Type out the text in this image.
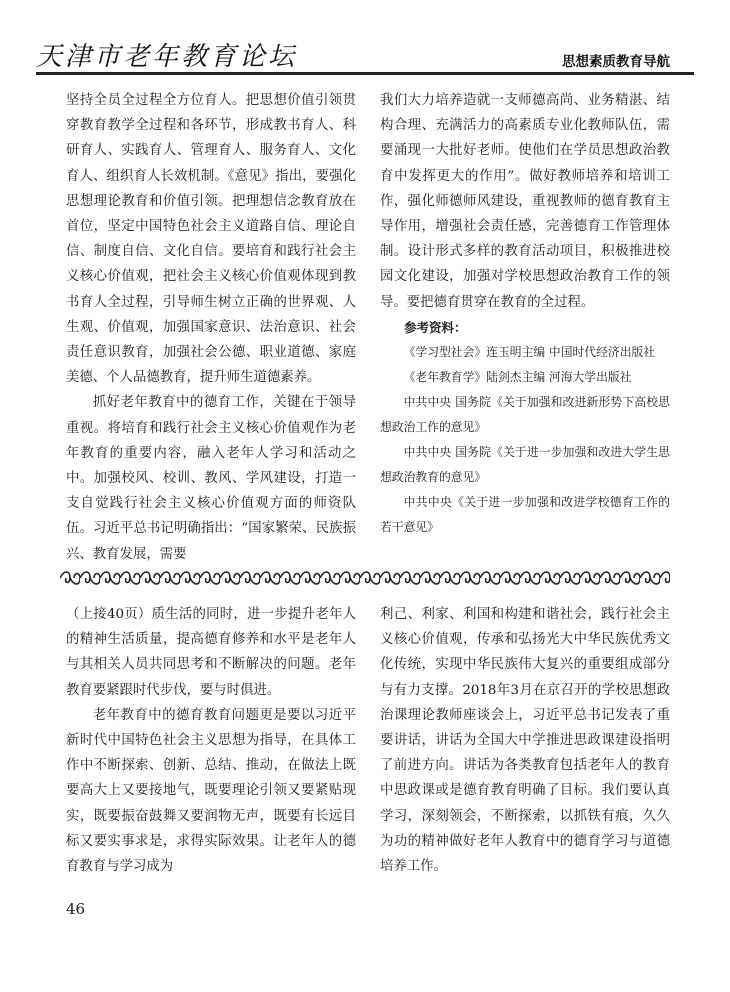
天津市老年教育论坛	思想素质教育导航

坚持全员全过程全方位育人。把思想价值引领贯穿教育教学全过程和各环节，形成教书育人、科研育人、实践育人、管理育人、服务育人、文化育人、组织育人长效机制。《意见》指出，要强化思想理论教育和价值引领。把理想信念教育放在首位，坚定中国特色社会主义道路自信、理论自信、制度自信、文化自信。要培育和践行社会主义核心价值观，把社会主义核心价值观体现到教书育人全过程，引导师生树立正确的世界观、人生观、价值观，加强国家意识、法治意识、社会责任意识教育，加强社会公德、职业道德、家庭美德、个人品德教育，提升师生道德素养。

抓好老年教育中的德育工作，关键在于领导重视。将培育和践行社会主义核心价值观作为老年教育的重要内容，融入老年人学习和活动之中。加强校风、校训、教风、学风建设，打造一支自觉践行社会主义核心价值观方面的师资队伍。习近平总书记明确指出：“国家繁荣、民族振兴、教育发展，需要

我们大力培养造就一支师德高尚、业务精湛、结构合理、充满活力的高素质专业化教师队伍，需要涌现一大批好老师。使他们在学员思想政治教育中发挥更大的作用”。做好教师培养和培训工作，强化师德师风建设，重视教师的德育教育主导作用，增强社会责任感，完善德育工作管理体制。设计形式多样的教育活动项目，积极推进校园文化建设，加强对学校思想政治教育工作的领导。要把德育贯穿在教育的全过程。

参考资料：

《学习型社会》连玉明主编 中国时代经济出版社

《老年教育学》陆剑杰主编 河海大学出版社

中共中央 国务院《关于加强和改进新形势下高校思想政治工作的意见》

中共中央 国务院《关于进一步加强和改进大学生思想政治教育的意见》

中共中央《关于进一步加强和改进学校德育工作的若干意见》

（上接40页）质生活的同时，进一步提升老年人的精神生活质量，提高德育修养和水平是老年人与其相关人员共同思考和不断解决的问题。老年教育要紧跟时代步伐，要与时俱进。

老年教育中的德育教育问题更是要以习近平新时代中国特色社会主义思想为指导，在具体工作中不断探索、创新、总结、推动，在做法上既要高大上又要接地气，既要理论引领又要紧贴现实，既要振奋鼓舞又要润物无声，既要有长远目标又要实事求是，求得实际效果。让老年人的德育教育与学习成为

利己、利家、利国和构建和谐社会，践行社会主义核心价值观，传承和弘扬光大中华民族优秀文化传统，实现中华民族伟大复兴的重要组成部分与有力支撑。2018年3月在京召开的学校思想政治课理论教师座谈会上，习近平总书记发表了重要讲话，讲话为全国大中学推进思政课建设指明了前进方向。讲话为各类教育包括老年人的教育中思政课或是德育教育明确了目标。我们要认真学习，深刻领会，不断探索，以抓铁有痕，久久为功的精神做好老年人教育中的德育学习与道德培养工作。

46
